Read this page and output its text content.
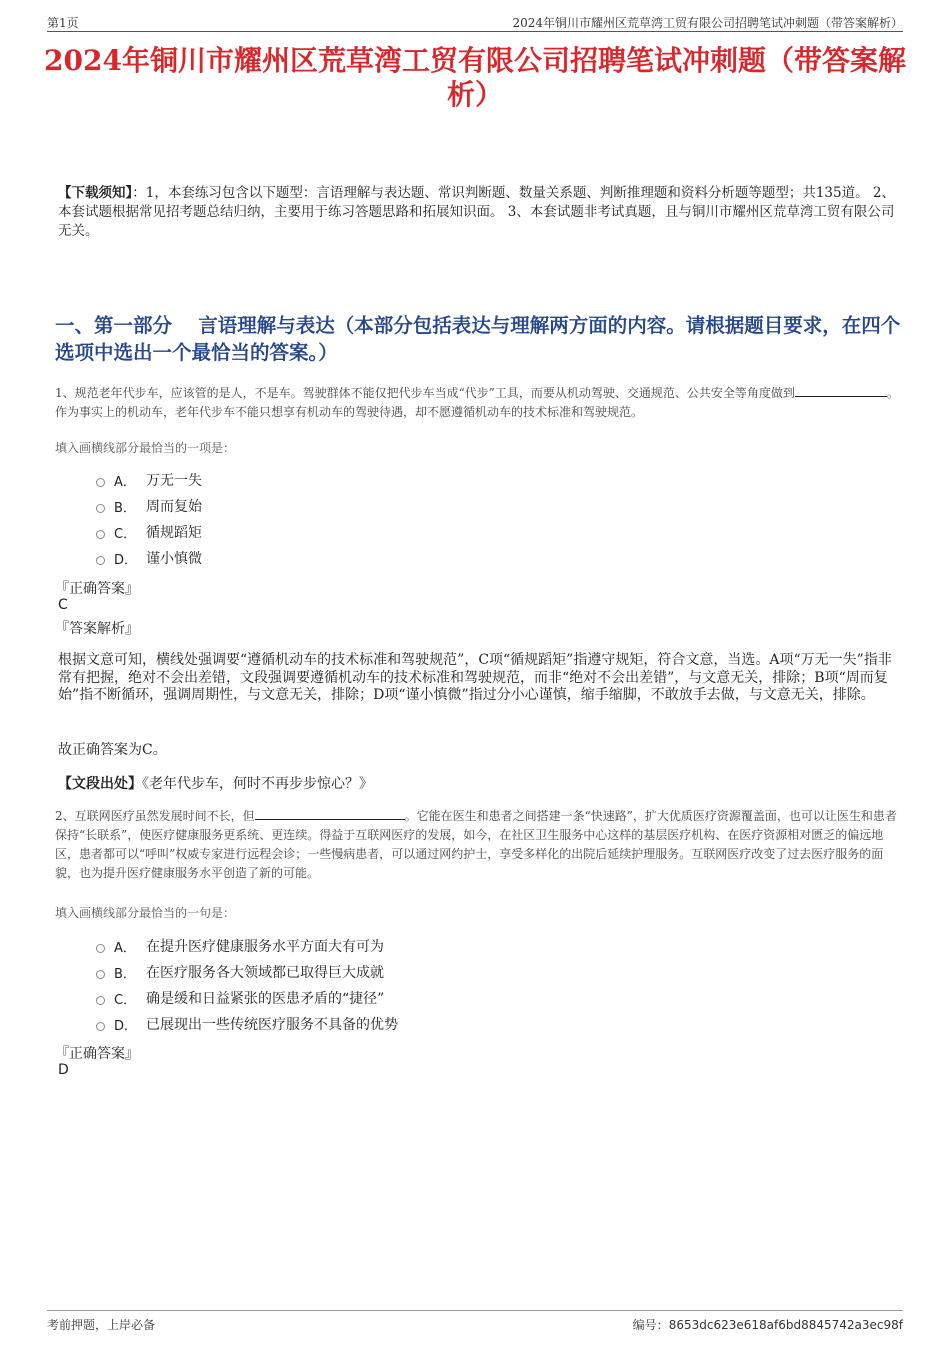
第1页	2024年铜川市耀州区荒草湾工贸有限公司招聘笔试冲刺题（带答案解析）
2024年铜川市耀州区荒草湾工贸有限公司招聘笔试冲刺题（带答案解析）

【下载须知】：1，本套练习包含以下题型：言语理解与表达题、常识判断题、数量关系题、判断推理题和资料分析题等题型；共135道。 2、本套试题根据常见招考题总结归纳，主要用于练习答题思路和拓展知识面。 3、本套试题非考试真题，且与铜川市耀州区荒草湾工贸有限公司无关。

一、第一部分　 言语理解与表达（本部分包括表达与理解两方面的内容。请根据题目要求，在四个选项中选出一个最恰当的答案。）

1、规范老年代步车，应该管的是人，不是车。驾驶群体不能仅把代步车当成“代步”工具，而要从机动驾驶、交通规范、公共安全等角度做到	。作为事实上的机动车，老年代步车不能只想享有机动车的驾驶待遇，却不愿遵循机动车的技术标准和驾驶规范。

填入画横线部分最恰当的一项是：

A． 万无一失
B． 周而复始
C． 循规蹈矩
D． 谨小慎微

『正确答案』

C

『答案解析』

根据文意可知，横线处强调要“遵循机动车的技术标准和驾驶规范”，C项“循规蹈矩”指遵守规矩，符合文意，当选。A项“万无一失”指非常有把握，绝对不会出差错，文段强调要遵循机动车的技术标准和驾驶规范，而非“绝对不会出差错”，与文意无关，排除；B项“周而复始”指不断循环，强调周期性，与文意无关，排除；D项“谨小慎微”指过分小心谨慎，缩手缩脚，不敢放手去做，与文意无关，排除。

故正确答案为C。

【文段出处】《老年代步车，何时不再步步惊心？》

2、互联网医疗虽然发展时间不长，但	。它能在医生和患者之间搭建一条“快速路”，扩大优质医疗资源覆盖面，也可以让医生和患者保持“长联系”，使医疗健康服务更系统、更连续。得益于互联网医疗的发展，如今，在社区卫生服务中心这样的基层医疗机构、在医疗资源相对匮乏的偏远地区，患者都可以“呼叫”权威专家进行远程会诊；一些慢病患者，可以通过网约护士，享受多样化的出院后延续护理服务。互联网医疗改变了过去医疗服务的面貌，也为提升医疗健康服务水平创造了新的可能。

填入画横线部分最恰当的一句是：

A． 在提升医疗健康服务水平方面大有可为
B． 在医疗服务各大领域都已取得巨大成就
C． 确是缓和日益紧张的医患矛盾的“捷径”
D． 已展现出一些传统医疗服务不具备的优势

『正确答案』

D

考前押题，上岸必备	编号：8653dc623e618af6bd8845742a3ec98f
